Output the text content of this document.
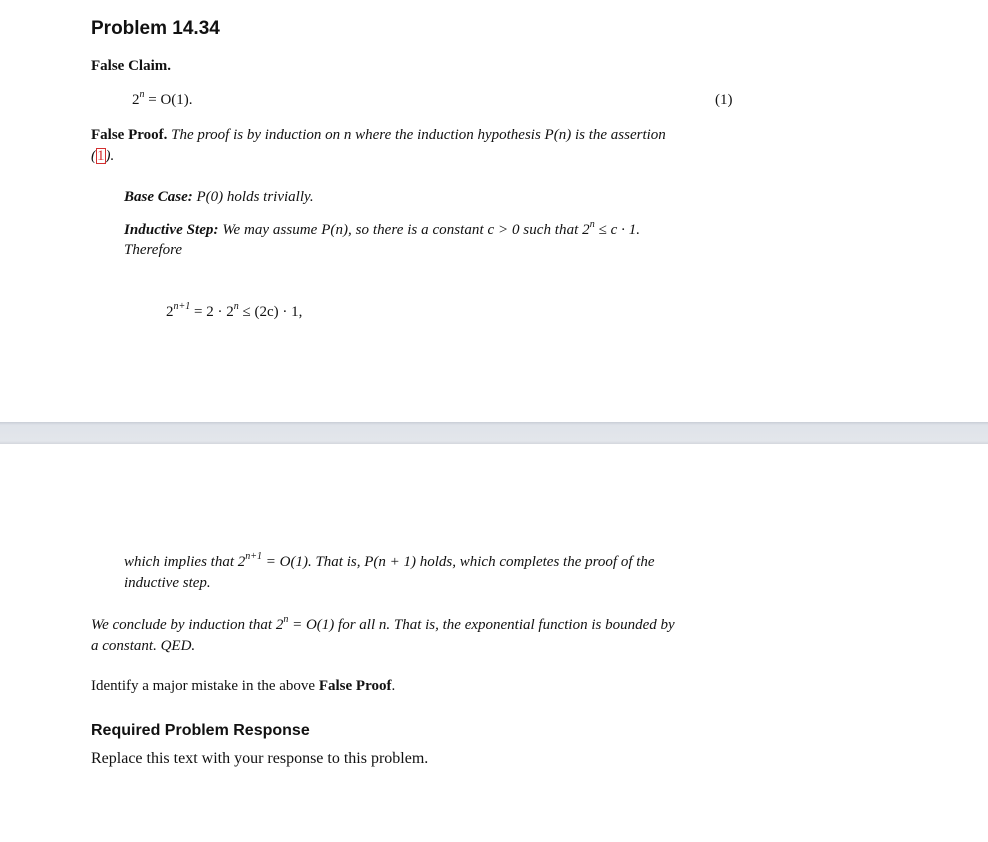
Problem 14.34
False Claim.
$2^n = O(1)$.	(1)
False Proof. The proof is by induction on n where the induction hypothesis P(n) is the assertion
(1).
Base Case: P(0) holds trivially.
Inductive Step: We may assume P(n), so there is a constant c > 0 such that $2^n \le c \cdot 1$.
Therefore
$2^{n+1} = 2 \cdot 2^n \le (2c) \cdot 1$,
which implies that $2^{n+1} = O(1)$. That is, P(n + 1) holds, which completes the proof of the
inductive step.
We conclude by induction that $2^n = O(1)$ for all n. That is, the exponential function is bounded by
a constant. QED.
Identify a major mistake in the above False Proof.
Required Problem Response
Replace this text with your response to this problem.
